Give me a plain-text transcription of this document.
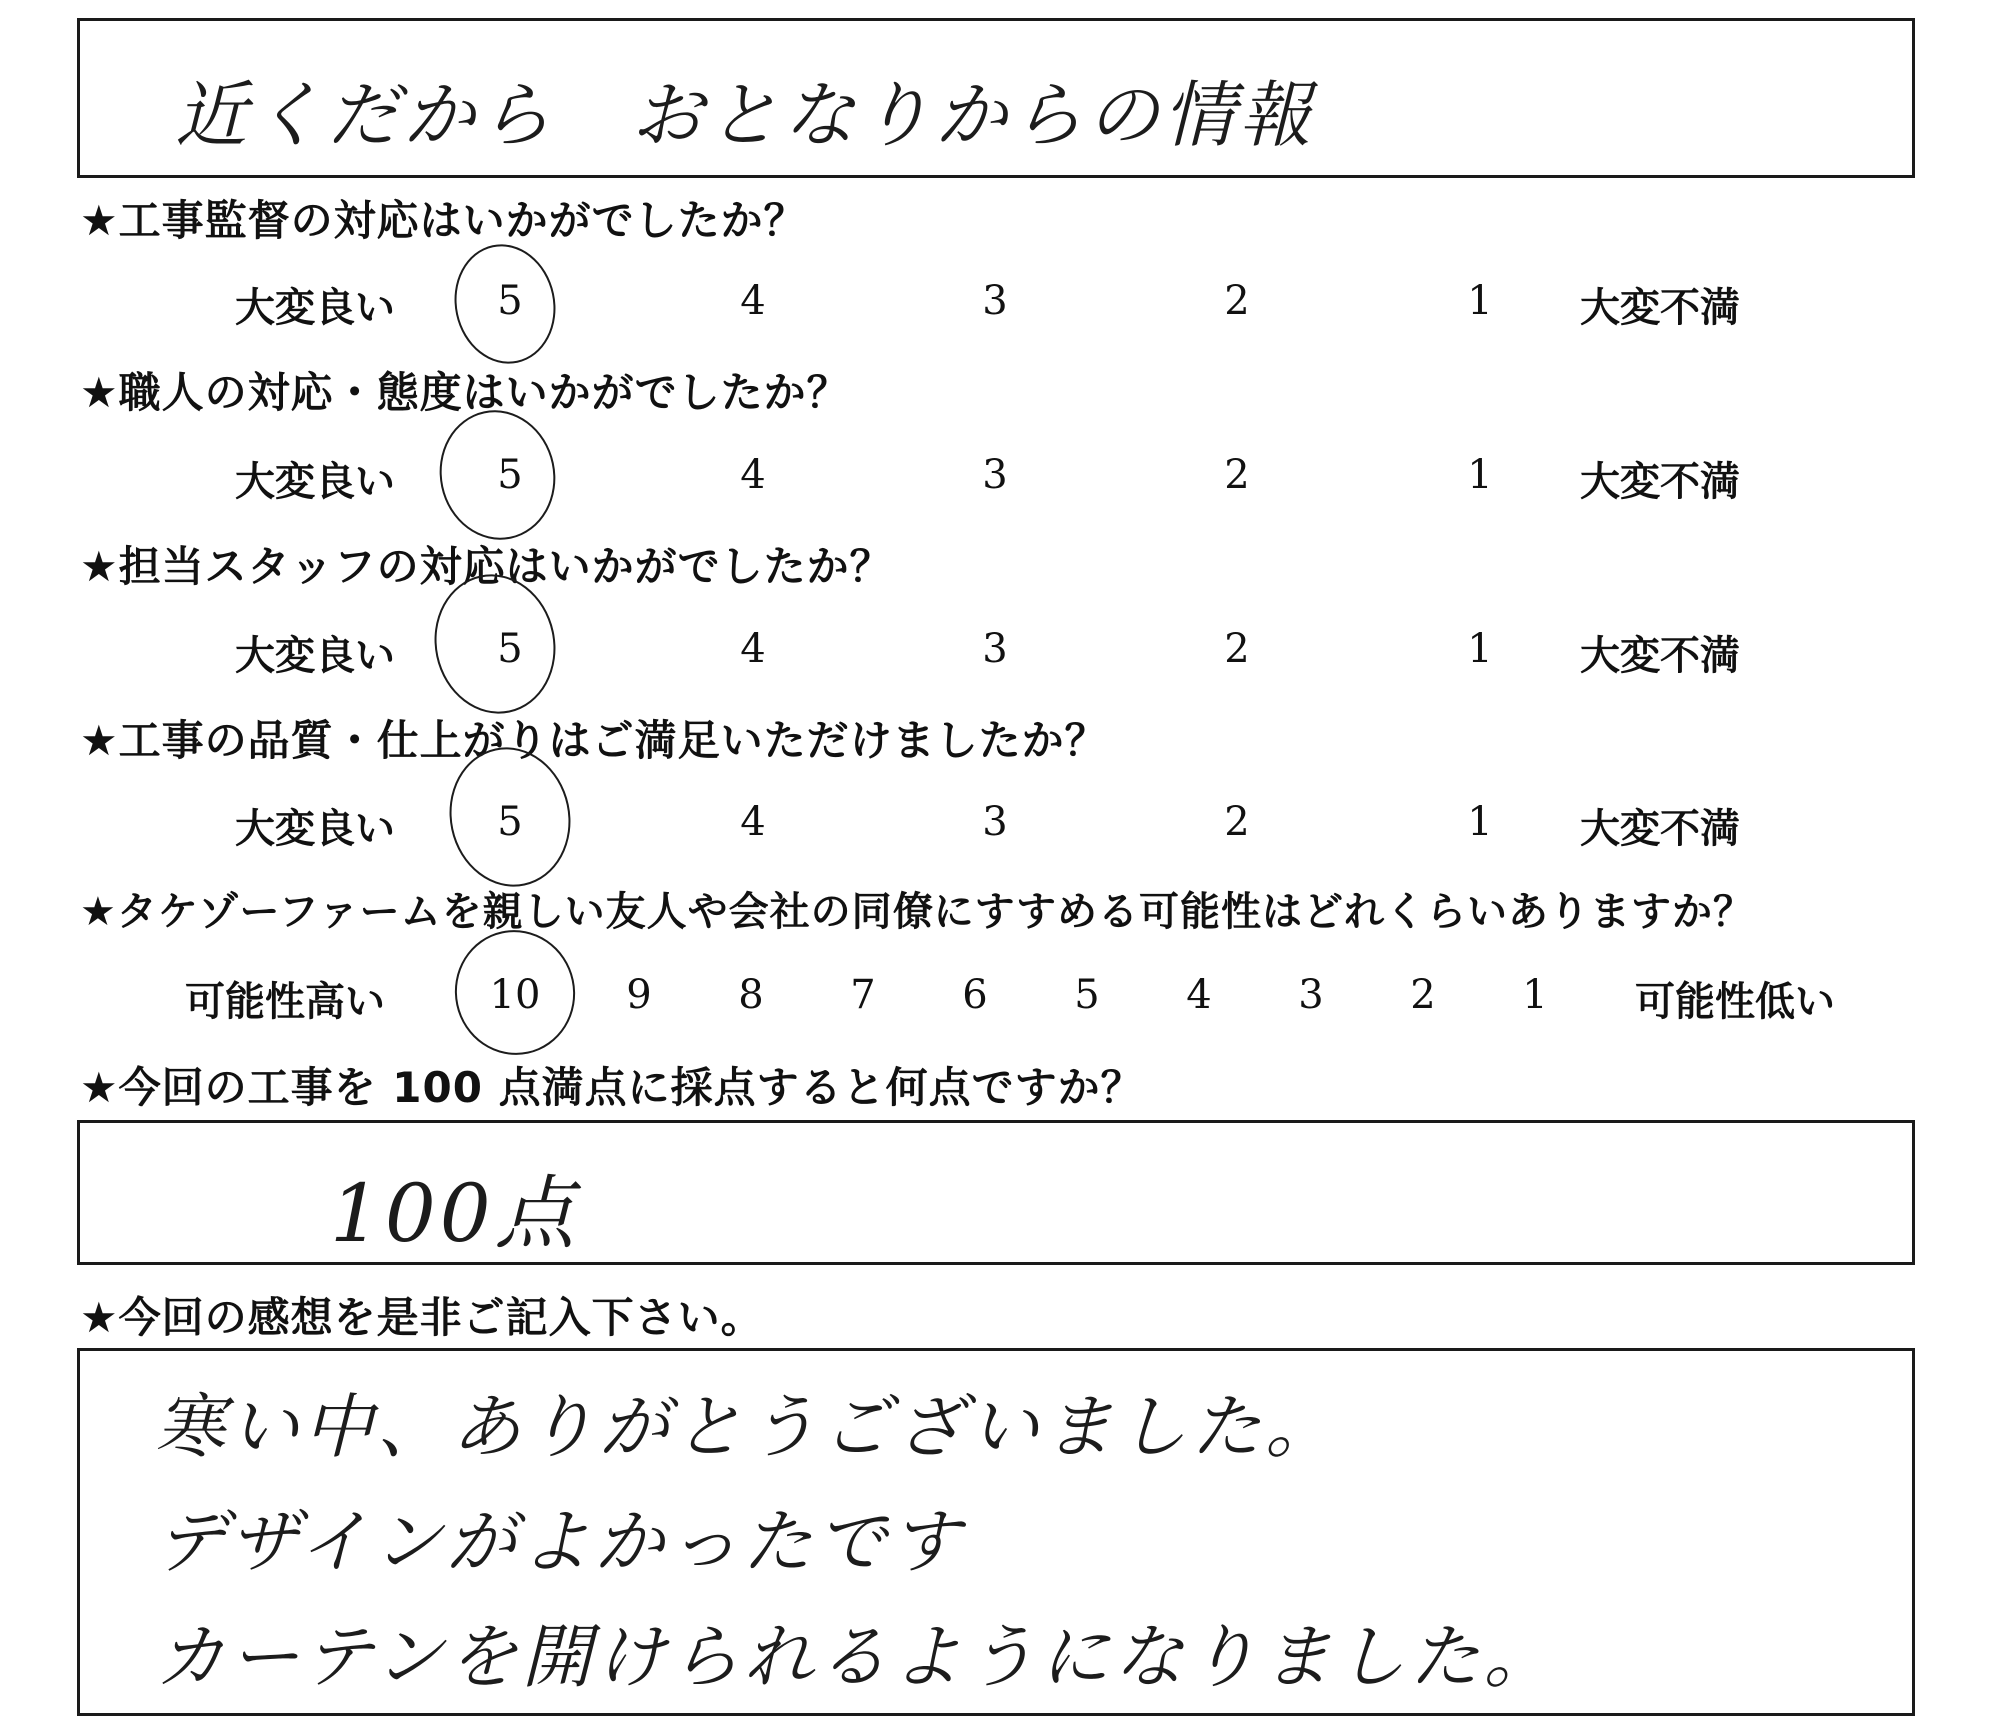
近くだから　おとなりからの情報
★工事監督の対応はいかがでしたか？
大変良い	5	4	3	2	1	大変不満
★職人の対応・態度はいかがでしたか？
大変良い	5	4	3	2	1	大変不満
★担当スタッフの対応はいかがでしたか？
大変良い	5	4	3	2	1	大変不満
★工事の品質・仕上がりはご満足いただけましたか？
大変良い	5	4	3	2	1	大変不満
★タケゾーファームを親しい友人や会社の同僚にすすめる可能性はどれくらいありますか？
可能性高い	10	9	8	7	6	5	4	3	2	1	可能性低い
★今回の工事を 100 点満点に採点すると何点ですか？
100点
★今回の感想を是非ご記入下さい。
寒い中、ありがとうございました。
デザインがよかったです
カーテンを開けられるようになりました。
